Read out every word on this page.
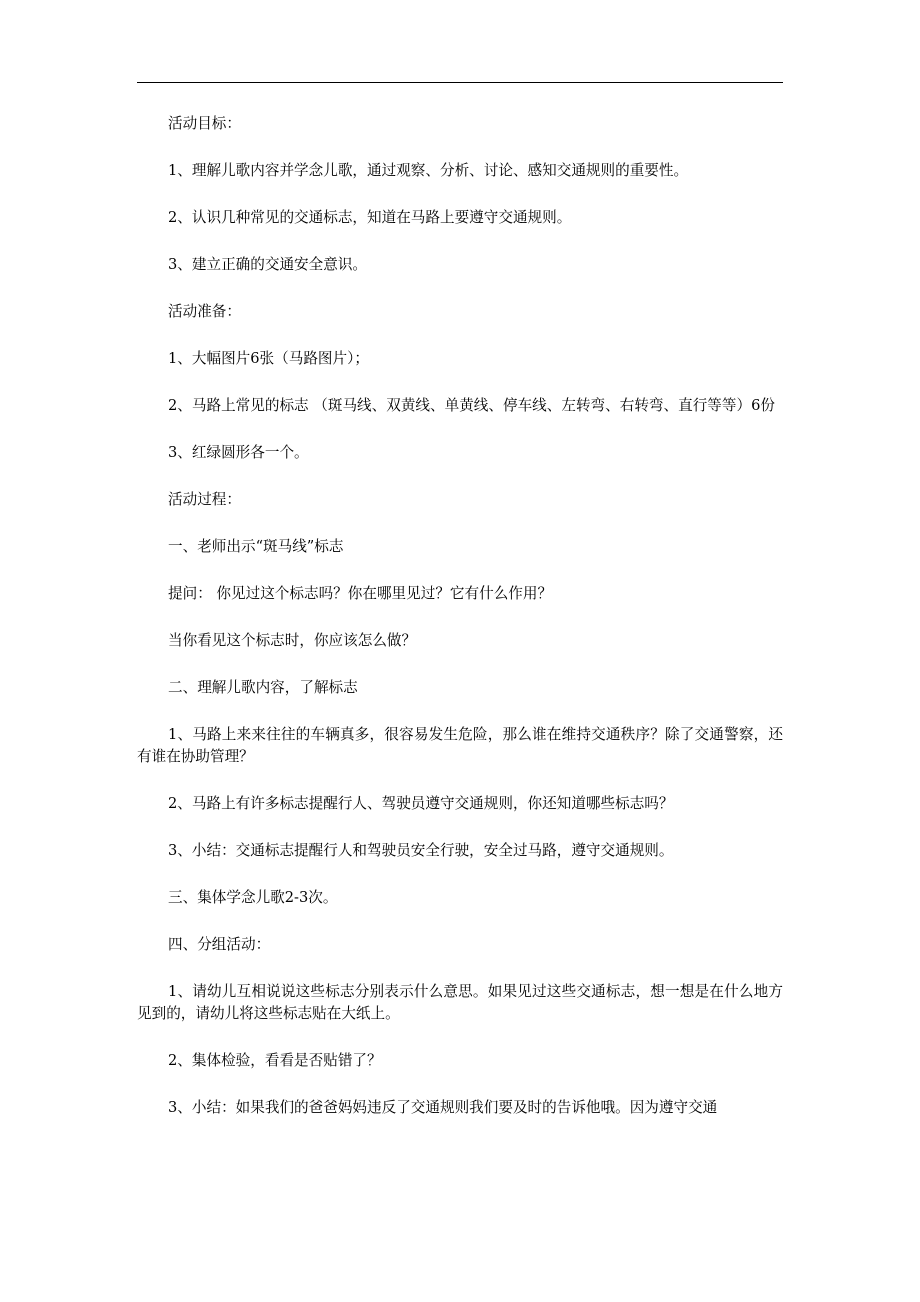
活动目标：

1、理解儿歌内容并学念儿歌，通过观察、分析、讨论、感知交通规则的重要性。

2、认识几种常见的交通标志，知道在马路上要遵守交通规则。

3、建立正确的交通安全意识。

活动准备：

1、大幅图片6张（马路图片）；

2、马路上常见的标志 （斑马线、双黄线、单黄线、停车线、左转弯、右转弯、直行等等）6份

3、红绿圆形各一个。

活动过程：

一、老师出示“斑马线”标志

提问： 你见过这个标志吗？你在哪里见过？它有什么作用？

当你看见这个标志时，你应该怎么做？

二、理解儿歌内容，了解标志

1、马路上来来往往的车辆真多，很容易发生危险，那么谁在维持交通秩序？除了交通警察，还有谁在协助管理？

2、马路上有许多标志提醒行人、驾驶员遵守交通规则，你还知道哪些标志吗？

3、小结：交通标志提醒行人和驾驶员安全行驶，安全过马路，遵守交通规则。

三、集体学念儿歌2-3次。

四、分组活动：

1、请幼儿互相说说这些标志分别表示什么意思。如果见过这些交通标志，想一想是在什么地方见到的，请幼儿将这些标志贴在大纸上。

2、集体检验，看看是否贴错了？

3、小结：如果我们的爸爸妈妈违反了交通规则我们要及时的告诉他哦。因为遵守交通
